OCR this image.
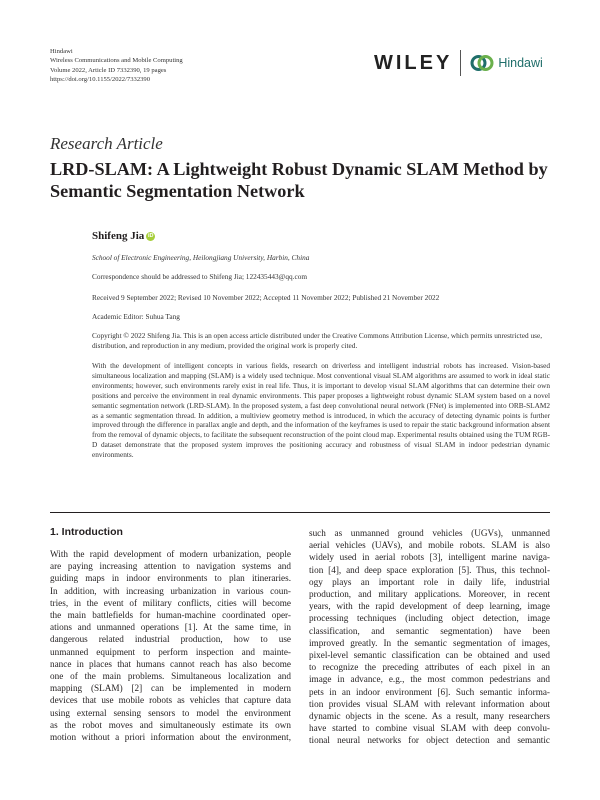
Hindawi
Wireless Communications and Mobile Computing
Volume 2022, Article ID 7332390, 19 pages
https://doi.org/10.1155/2022/7332390
WILEY	Hindawi
Research Article
LRD-SLAM: A Lightweight Robust Dynamic SLAM Method by Semantic Segmentation Network
Shifeng Jia iD
School of Electronic Engineering, Heilongjiang University, Harbin, China
Correspondence should be addressed to Shifeng Jia; 122435443@qq.com
Received 9 September 2022; Revised 10 November 2022; Accepted 11 November 2022; Published 21 November 2022
Academic Editor: Suhua Tang
Copyright © 2022 Shifeng Jia. This is an open access article distributed under the Creative Commons Attribution License, which permits unrestricted use, distribution, and reproduction in any medium, provided the original work is properly cited.
With the development of intelligent concepts in various fields, research on driverless and intelligent industrial robots has increased. Vision-based simultaneous localization and mapping (SLAM) is a widely used technique. Most conventional visual SLAM algorithms are assumed to work in ideal static environments; however, such environments rarely exist in real life. Thus, it is important to develop visual SLAM algorithms that can determine their own positions and perceive the environment in real dynamic environments. This paper proposes a lightweight robust dynamic SLAM system based on a novel semantic segmentation network (LRD-SLAM). In the proposed system, a fast deep convolutional neural network (FNet) is implemented into ORB-SLAM2 as a semantic segmentation thread. In addition, a multiview geometry method is introduced, in which the accuracy of detecting dynamic points is further improved through the difference in parallax angle and depth, and the information of the keyframes is used to repair the static background information absent from the removal of dynamic objects, to facilitate the subsequent reconstruction of the point cloud map. Experimental results obtained using the TUM RGB-D dataset demonstrate that the proposed system improves the positioning accuracy and robustness of visual SLAM in indoor pedestrian dynamic environments.
1. Introduction
With the rapid development of modern urbanization, people
are paying increasing attention to navigation systems and
guiding maps in indoor environments to plan itineraries.
In addition, with increasing urbanization in various coun-
tries, in the event of military conflicts, cities will become
the main battlefields for human-machine coordinated oper-
ations and unmanned operations [1]. At the same time, in
dangerous related industrial production, how to use
unmanned equipment to perform inspection and mainte-
nance in places that humans cannot reach has also become
one of the main problems. Simultaneous localization and
mapping (SLAM) [2] can be implemented in modern
devices that use mobile robots as vehicles that capture data
using external sensing sensors to model the environment
as the robot moves and simultaneously estimate its own
motion without a priori information about the environment,
such as unmanned ground vehicles (UGVs), unmanned
aerial vehicles (UAVs), and mobile robots. SLAM is also
widely used in aerial robots [3], intelligent marine naviga-
tion [4], and deep space exploration [5]. Thus, this technol-
ogy plays an important role in daily life, industrial
production, and military applications. Moreover, in recent
years, with the rapid development of deep learning, image
processing techniques (including object detection, image
classification, and semantic segmentation) have been
improved greatly. In the semantic segmentation of images,
pixel-level semantic classification can be obtained and used
to recognize the preceding attributes of each pixel in an
image in advance, e.g., the most common pedestrians and
pets in an indoor environment [6]. Such semantic informa-
tion provides visual SLAM with relevant information about
dynamic objects in the scene. As a result, many researchers
have started to combine visual SLAM with deep convolu-
tional neural networks for object detection and semantic
